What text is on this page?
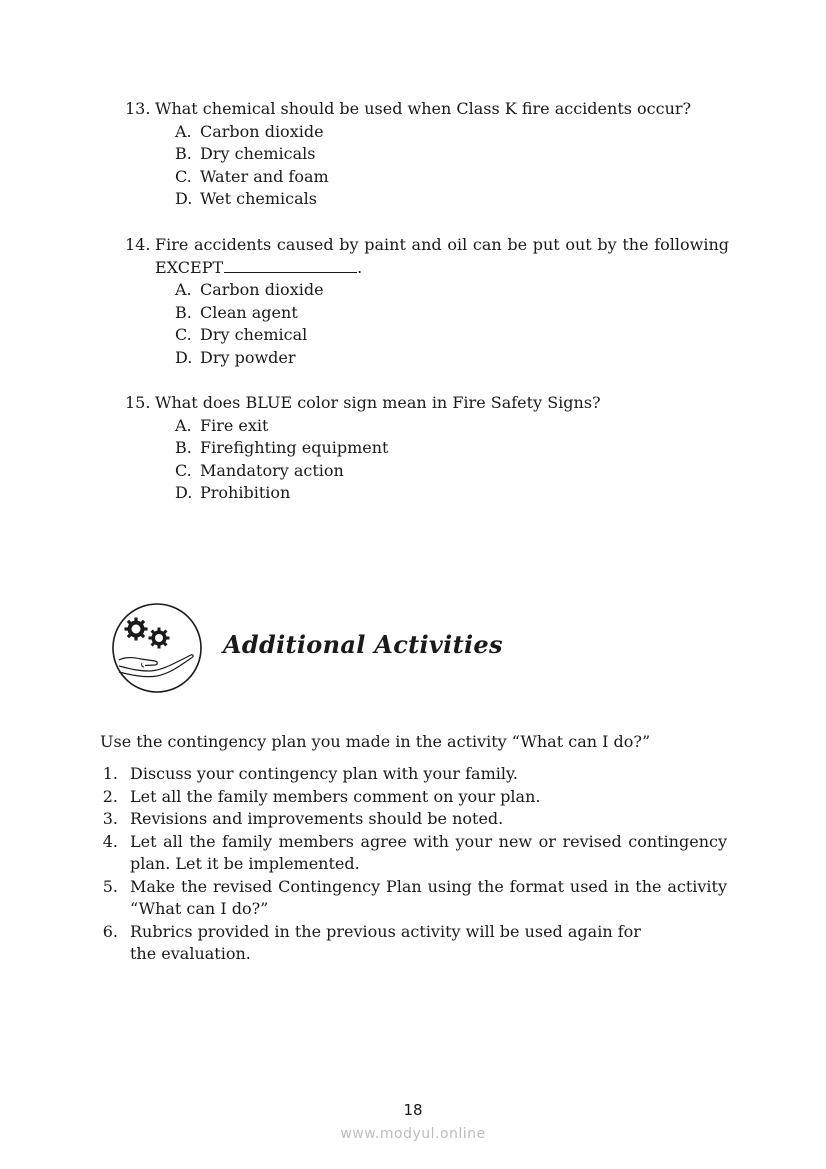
13. What chemical should be used when Class K fire accidents occur?
A. Carbon dioxide
B. Dry chemicals
C. Water and foam
D. Wet chemicals
14. Fire accidents caused by paint and oil can be put out by the following
EXCEPT	.
A. Carbon dioxide
B. Clean agent
C. Dry chemical
D. Dry powder
15. What does BLUE color sign mean in Fire Safety Signs?
A. Fire exit
B. Firefighting equipment
C. Mandatory action
D. Prohibition
Additional Activities
Use the contingency plan you made in the activity “What can I do?”
1. Discuss your contingency plan with your family.
2. Let all the family members comment on your plan.
3. Revisions and improvements should be noted.
4. Let all the family members agree with your new or revised contingency
plan. Let it be implemented.
5. Make the revised Contingency Plan using the format used in the activity
“What can I do?”
6. Rubrics provided in the previous activity will be used again for
the evaluation.
18
www.modyul.online
